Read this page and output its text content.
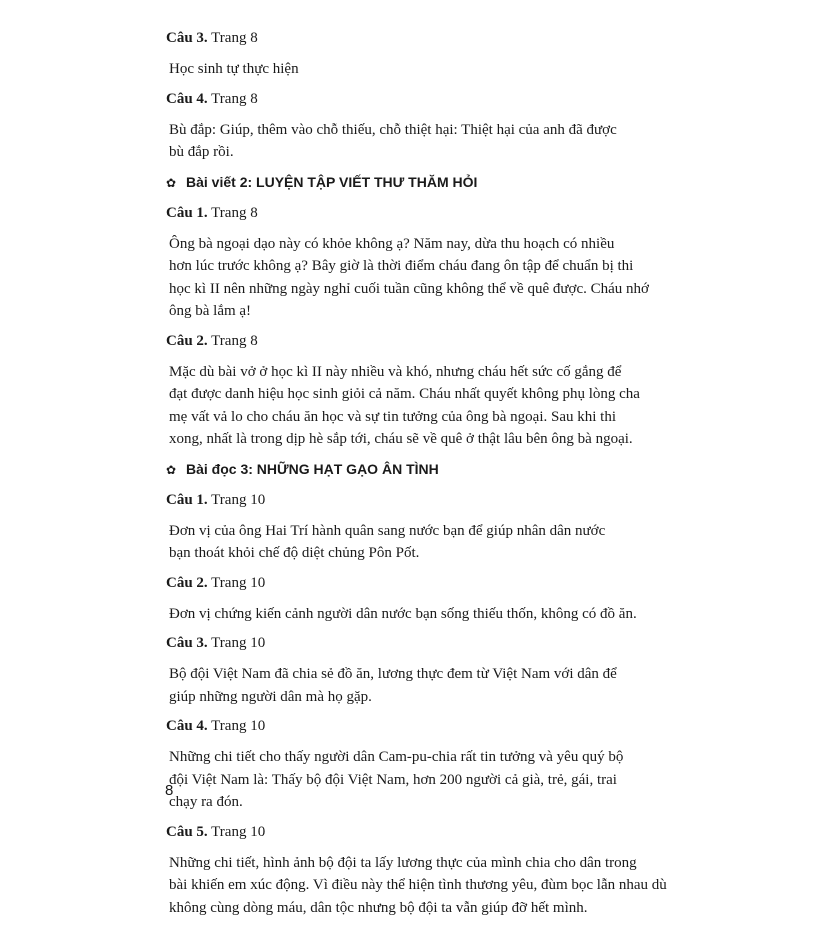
Câu 3. Trang 8
Học sinh tự thực hiện
Câu 4. Trang 8
Bù đắp: Giúp, thêm vào chỗ thiếu, chỗ thiệt hại: Thiệt hại của anh đã được
bù đắp rồi.
✿ Bài viết 2: LUYỆN TẬP VIẾT THƯ THĂM HỎI
Câu 1. Trang 8
Ông bà ngoại dạo này có khỏe không ạ? Năm nay, dừa thu hoạch có nhiều
hơn lúc trước không ạ? Bây giờ là thời điểm cháu đang ôn tập để chuẩn bị thi
học kì II nên những ngày nghỉ cuối tuần cũng không thể về quê được. Cháu nhớ
ông bà lắm ạ!
Câu 2. Trang 8
Mặc dù bài vở ở học kì II này nhiều và khó, nhưng cháu hết sức cố gắng để
đạt được danh hiệu học sinh giỏi cả năm. Cháu nhất quyết không phụ lòng cha
mẹ vất vả lo cho cháu ăn học và sự tin tưởng của ông bà ngoại. Sau khi thi
xong, nhất là trong dịp hè sắp tới, cháu sẽ về quê ở thật lâu bên ông bà ngoại.
✿ Bài đọc 3: NHỮNG HẠT GẠO ÂN TÌNH
Câu 1. Trang 10
Đơn vị của ông Hai Trí hành quân sang nước bạn để giúp nhân dân nước
bạn thoát khỏi chế độ diệt chủng Pôn Pốt.
Câu 2. Trang 10
Đơn vị chứng kiến cảnh người dân nước bạn sống thiếu thốn, không có đồ ăn.
Câu 3. Trang 10
Bộ đội Việt Nam đã chia sẻ đồ ăn, lương thực đem từ Việt Nam với dân để
giúp những người dân mà họ gặp.
Câu 4. Trang 10
Những chi tiết cho thấy người dân Cam-pu-chia rất tin tưởng và yêu quý bộ
đội Việt Nam là: Thấy bộ đội Việt Nam, hơn 200 người cả già, trẻ, gái, trai
chạy ra đón.
Câu 5. Trang 10
Những chi tiết, hình ảnh bộ đội ta lấy lương thực của mình chia cho dân trong
bài khiến em xúc động. Vì điều này thể hiện tình thương yêu, đùm bọc lẫn nhau dù
không cùng dòng máu, dân tộc nhưng bộ đội ta vẫn giúp đỡ hết mình.
8
